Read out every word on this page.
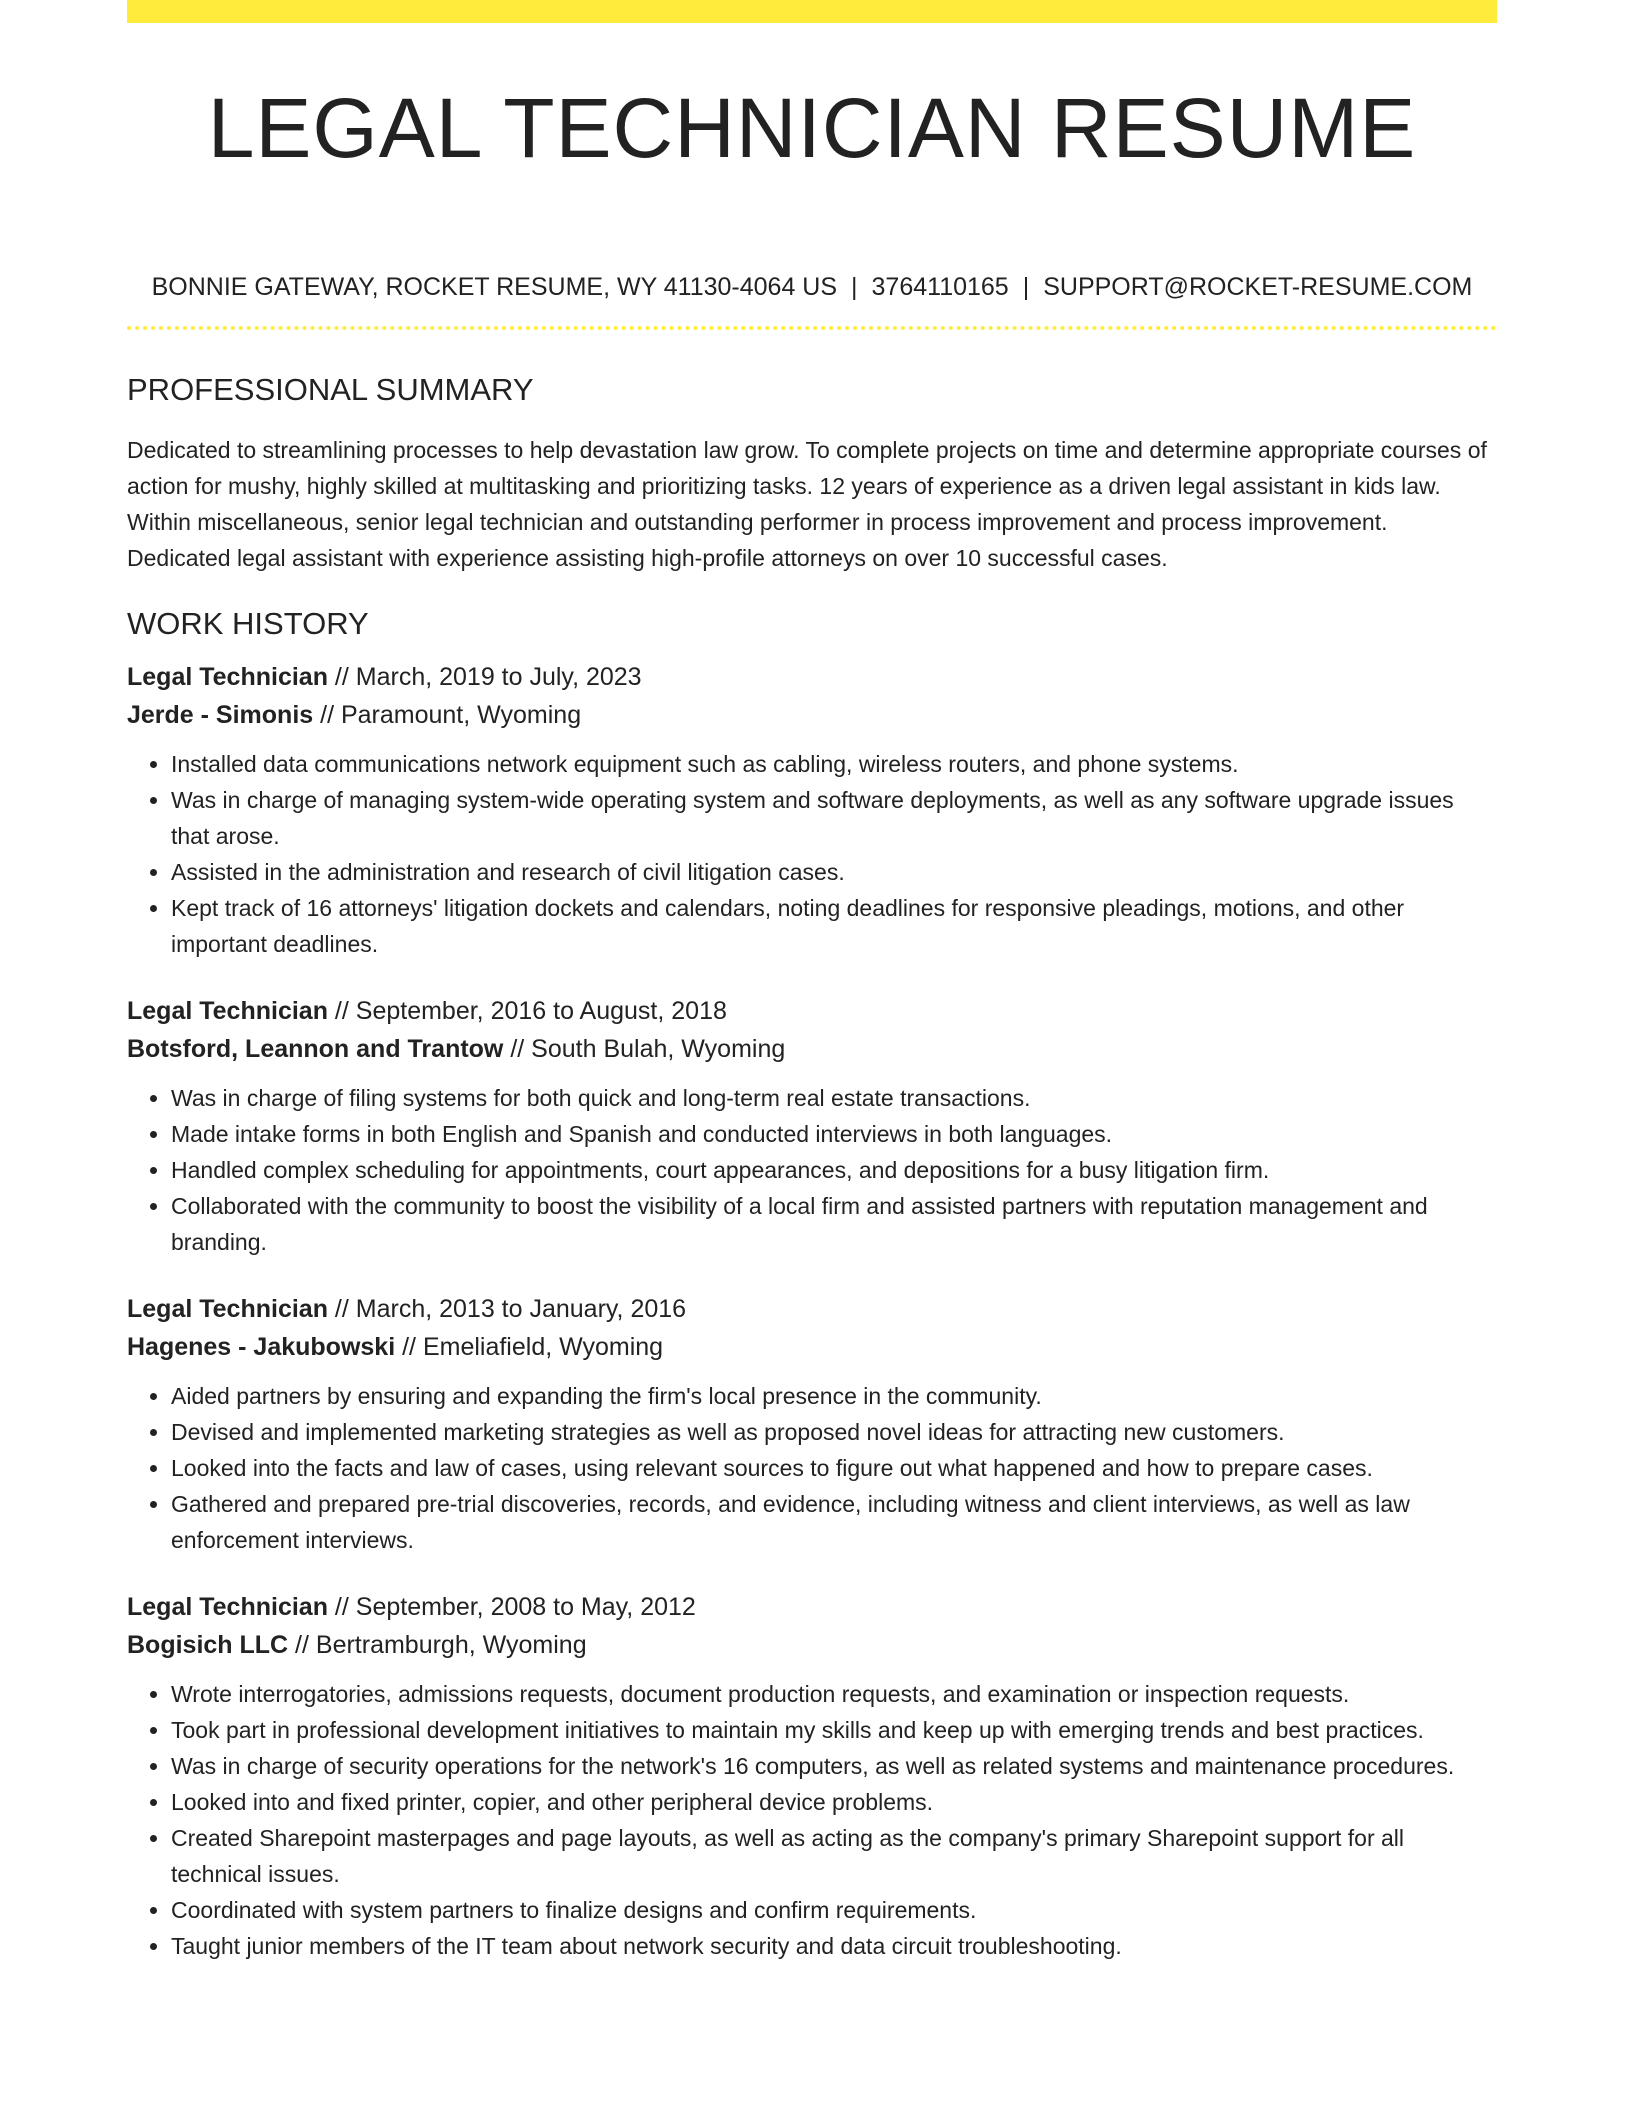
LEGAL TECHNICIAN RESUME
BONNIE GATEWAY, ROCKET RESUME, WY 41130-4064 US | 3764110165 | SUPPORT@ROCKET-RESUME.COM
PROFESSIONAL SUMMARY

Dedicated to streamlining processes to help devastation law grow. To complete projects on time and determine appropriate courses of action for mushy, highly skilled at multitasking and prioritizing tasks. 12 years of experience as a driven legal assistant in kids law. Within miscellaneous, senior legal technician and outstanding performer in process improvement and process improvement. Dedicated legal assistant with experience assisting high-profile attorneys on over 10 successful cases.

WORK HISTORY
Legal Technician // March, 2019 to July, 2023
Jerde - Simonis // Paramount, Wyoming
• Installed data communications network equipment such as cabling, wireless routers, and phone systems.
• Was in charge of managing system-wide operating system and software deployments, as well as any software upgrade issues that arose.
• Assisted in the administration and research of civil litigation cases.
• Kept track of 16 attorneys' litigation dockets and calendars, noting deadlines for responsive pleadings, motions, and other important deadlines.
Legal Technician // September, 2016 to August, 2018
Botsford, Leannon and Trantow // South Bulah, Wyoming
• Was in charge of filing systems for both quick and long-term real estate transactions.
• Made intake forms in both English and Spanish and conducted interviews in both languages.
• Handled complex scheduling for appointments, court appearances, and depositions for a busy litigation firm.
• Collaborated with the community to boost the visibility of a local firm and assisted partners with reputation management and branding.
Legal Technician // March, 2013 to January, 2016
Hagenes - Jakubowski // Emeliafield, Wyoming
• Aided partners by ensuring and expanding the firm's local presence in the community.
• Devised and implemented marketing strategies as well as proposed novel ideas for attracting new customers.
• Looked into the facts and law of cases, using relevant sources to figure out what happened and how to prepare cases.
• Gathered and prepared pre-trial discoveries, records, and evidence, including witness and client interviews, as well as law enforcement interviews.
Legal Technician // September, 2008 to May, 2012
Bogisich LLC // Bertramburgh, Wyoming
• Wrote interrogatories, admissions requests, document production requests, and examination or inspection requests.
• Took part in professional development initiatives to maintain my skills and keep up with emerging trends and best practices.
• Was in charge of security operations for the network's 16 computers, as well as related systems and maintenance procedures.
• Looked into and fixed printer, copier, and other peripheral device problems.
• Created Sharepoint masterpages and page layouts, as well as acting as the company's primary Sharepoint support for all technical issues.
• Coordinated with system partners to finalize designs and confirm requirements.
• Taught junior members of the IT team about network security and data circuit troubleshooting.
